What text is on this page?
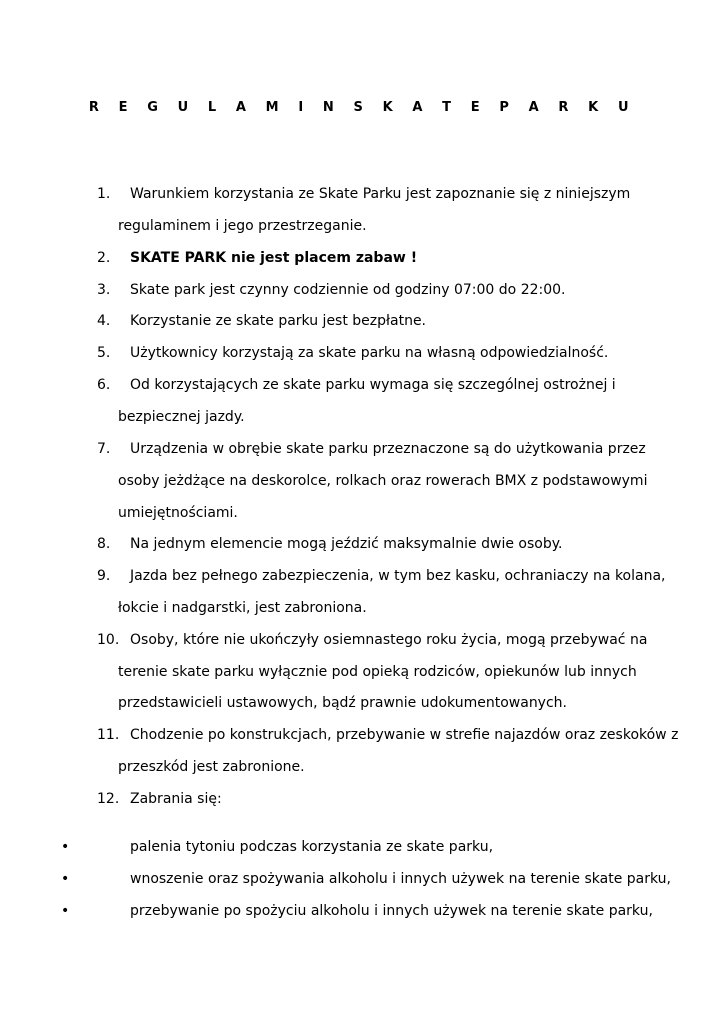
R E G U L A M I N S K A T E P A R K U
1. Warunkiem korzystania ze Skate Parku jest zapoznanie się z niniejszym
regulaminem i jego przestrzeganie.
2. SKATE PARK nie jest placem zabaw !
3. Skate park jest czynny codziennie od godziny 07:00 do 22:00.
4. Korzystanie ze skate parku jest bezpłatne.
5. Użytkownicy korzystają za skate parku na własną odpowiedzialność.
6. Od korzystających ze skate parku wymaga się szczególnej ostrożnej i
bezpiecznej jazdy.
7. Urządzenia w obrębie skate parku przeznaczone są do użytkowania przez
osoby jeżdżące na deskorolce, rolkach oraz rowerach BMX z podstawowymi
umiejętnościami.
8. Na jednym elemencie mogą jeździć maksymalnie dwie osoby.
9. Jazda bez pełnego zabezpieczenia, w tym bez kasku, ochraniaczy na kolana,
łokcie i nadgarstki, jest zabroniona.
10. Osoby, które nie ukończyły osiemnastego roku życia, mogą przebywać na
terenie skate parku wyłącznie pod opieką rodziców, opiekunów lub innych
przedstawicieli ustawowych, bądź prawnie udokumentowanych.
11. Chodzenie po konstrukcjach, przebywanie w strefie najazdów oraz zeskoków z
przeszkód jest zabronione.
12. Zabrania się:
•	palenia tytoniu podczas korzystania ze skate parku,
•	wnoszenie oraz spożywania alkoholu i innych używek na terenie skate parku,
•	przebywanie po spożyciu alkoholu i innych używek na terenie skate parku,
